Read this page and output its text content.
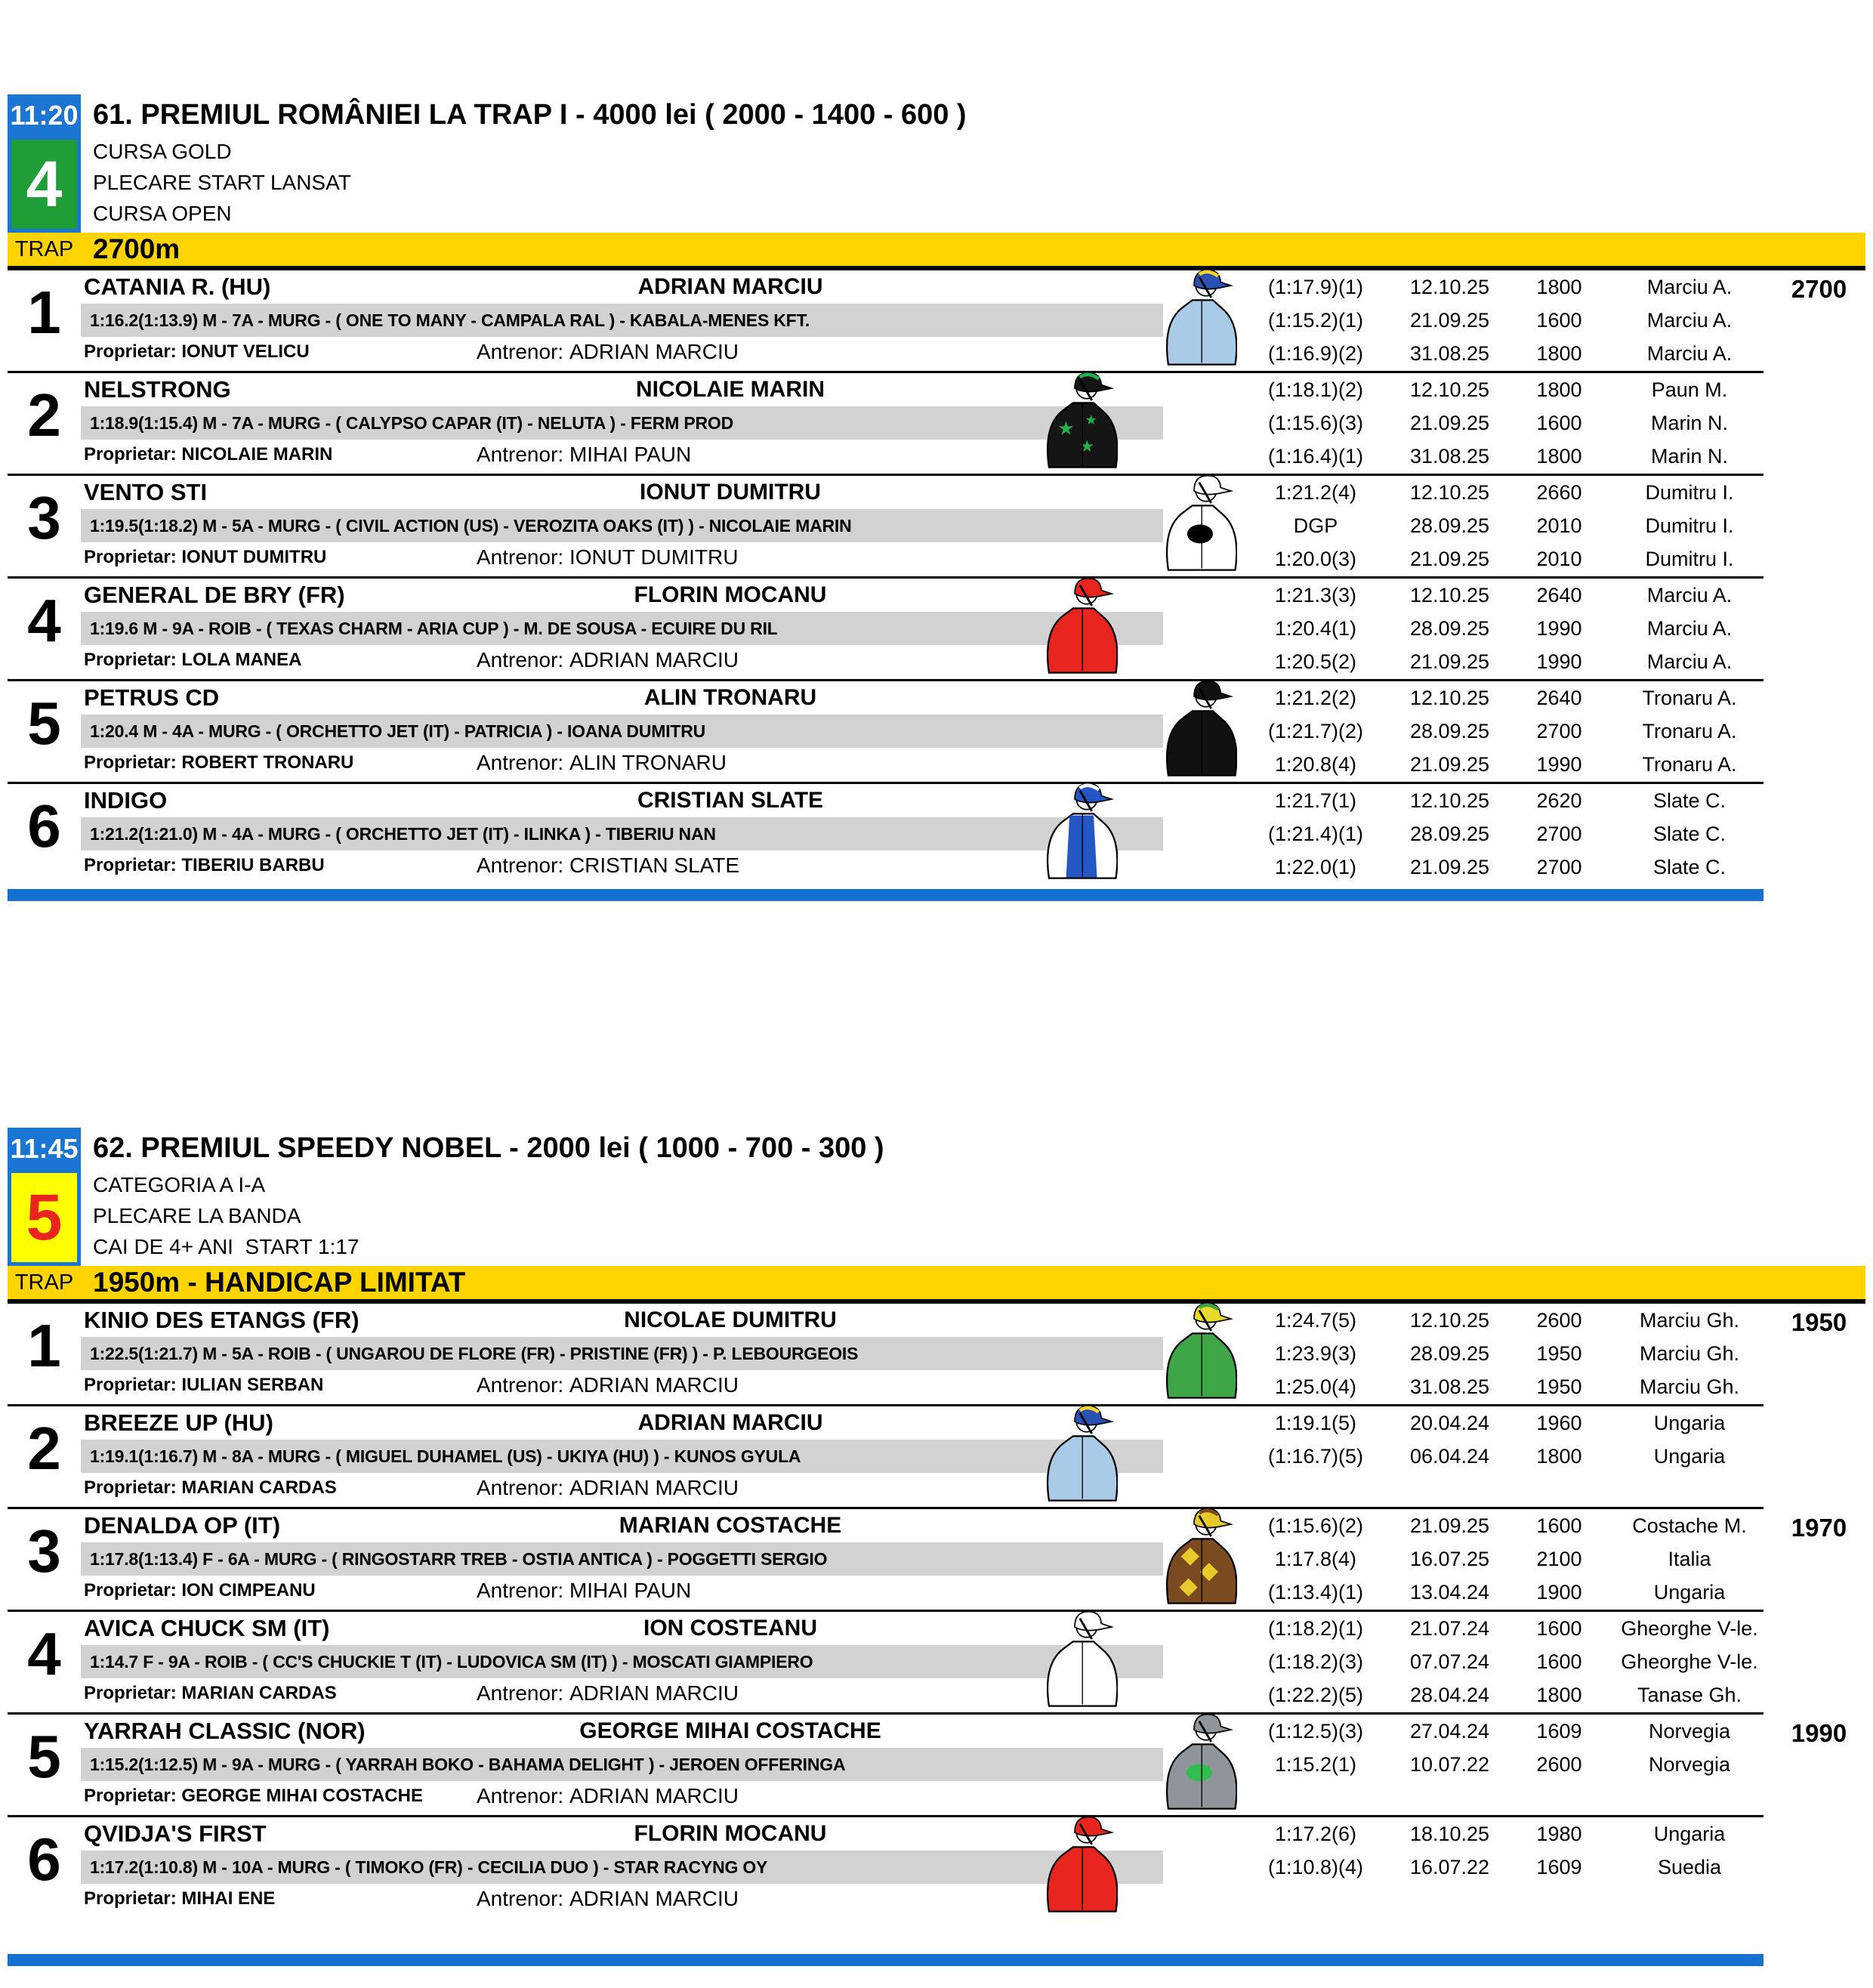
11:20
4
61. PREMIUL ROMÂNIEI LA TRAP I - 4000 lei ( 2000 - 1400 - 600 )
CURSA GOLD
PLECARE START LANSAT
CURSA OPEN
TRAP 2700m
1 CATANIA R. (HU)	ADRIAN MARCIU
1:16.2(1:13.9) M - 7A - MURG - ( ONE TO MANY - CAMPALA RAL ) - KABALA-MENES KFT.
Proprietar: IONUT VELICU	Antrenor: ADRIAN MARCIU
(1:17.9)(1)	12.10.25	1800	Marciu A.
(1:15.2)(1)	21.09.25	1600	Marciu A.
(1:16.9)(2)	31.08.25	1800	Marciu A.
2700
2 NELSTRONG	NICOLAIE MARIN
1:18.9(1:15.4) M - 7A - MURG - ( CALYPSO CAPAR (IT) - NELUTA ) - FERM PROD
Proprietar: NICOLAIE MARIN	Antrenor: MIHAI PAUN
★
★
★
(1:18.1)(2)	12.10.25	1800	Paun M.
(1:15.6)(3)	21.09.25	1600	Marin N.
(1:16.4)(1)	31.08.25	1800	Marin N.
3 VENTO STI	IONUT DUMITRU
1:19.5(1:18.2) M - 5A - MURG - ( CIVIL ACTION (US) - VEROZITA OAKS (IT) ) - NICOLAIE MARIN
Proprietar: IONUT DUMITRU	Antrenor: IONUT DUMITRU
1:21.2(4)	12.10.25	2660	Dumitru I.
DGP	28.09.25	2010	Dumitru I.
1:20.0(3)	21.09.25	2010	Dumitru I.
4 GENERAL DE BRY (FR)	FLORIN MOCANU
1:19.6 M - 9A - ROIB - ( TEXAS CHARM - ARIA CUP ) - M. DE SOUSA - ECUIRE DU RIL
Proprietar: LOLA MANEA	Antrenor: ADRIAN MARCIU
1:21.3(3)	12.10.25	2640	Marciu A.
1:20.4(1)	28.09.25	1990	Marciu A.
1:20.5(2)	21.09.25	1990	Marciu A.
5 PETRUS CD	ALIN TRONARU
1:20.4 M - 4A - MURG - ( ORCHETTO JET (IT) - PATRICIA ) - IOANA DUMITRU
Proprietar: ROBERT TRONARU	Antrenor: ALIN TRONARU
1:21.2(2)	12.10.25	2640	Tronaru A.
(1:21.7)(2)	28.09.25	2700	Tronaru A.
1:20.8(4)	21.09.25	1990	Tronaru A.
6 INDIGO	CRISTIAN SLATE
1:21.2(1:21.0) M - 4A - MURG - ( ORCHETTO JET (IT) - ILINKA ) - TIBERIU NAN
Proprietar: TIBERIU BARBU	Antrenor: CRISTIAN SLATE
1:21.7(1)	12.10.25	2620	Slate C.
(1:21.4)(1)	28.09.25	2700	Slate C.
1:22.0(1)	21.09.25	2700	Slate C.
11:45
5
62. PREMIUL SPEEDY NOBEL - 2000 lei ( 1000 - 700 - 300 )
CATEGORIA A I-A
PLECARE LA BANDA
CAI DE 4+ ANI  START 1:17
TRAP 1950m - HANDICAP LIMITAT
1 KINIO DES ETANGS (FR)	NICOLAE DUMITRU
1:22.5(1:21.7) M - 5A - ROIB - ( UNGAROU DE FLORE (FR) - PRISTINE (FR) ) - P. LEBOURGEOIS
Proprietar: IULIAN SERBAN	Antrenor: ADRIAN MARCIU
1:24.7(5)	12.10.25	2600	Marciu Gh.
1:23.9(3)	28.09.25	1950	Marciu Gh.
1:25.0(4)	31.08.25	1950	Marciu Gh.
1950
2 BREEZE UP (HU)	ADRIAN MARCIU
1:19.1(1:16.7) M - 8A - MURG - ( MIGUEL DUHAMEL (US) - UKIYA (HU) ) - KUNOS GYULA
Proprietar: MARIAN CARDAS	Antrenor: ADRIAN MARCIU
1:19.1(5)	20.04.24	1960	Ungaria
(1:16.7)(5)	06.04.24	1800	Ungaria
3 DENALDA OP (IT)	MARIAN COSTACHE
1:17.8(1:13.4) F - 6A - MURG - ( RINGOSTARR TREB - OSTIA ANTICA ) - POGGETTI SERGIO
Proprietar: ION CIMPEANU	Antrenor: MIHAI PAUN
(1:15.6)(2)	21.09.25	1600	Costache M.
1:17.8(4)	16.07.25	2100	Italia
(1:13.4)(1)	13.04.24	1900	Ungaria
1970
4 AVICA CHUCK SM (IT)	ION COSTEANU
1:14.7 F - 9A - ROIB - ( CC'S CHUCKIE T (IT) - LUDOVICA SM (IT) ) - MOSCATI GIAMPIERO
Proprietar: MARIAN CARDAS	Antrenor: ADRIAN MARCIU
(1:18.2)(1)	21.07.24	1600	Gheorghe V-le.
(1:18.2)(3)	07.07.24	1600	Gheorghe V-le.
(1:22.2)(5)	28.04.24	1800	Tanase Gh.
5 YARRAH CLASSIC (NOR)	GEORGE MIHAI COSTACHE
1:15.2(1:12.5) M - 9A - MURG - ( YARRAH BOKO - BAHAMA DELIGHT ) - JEROEN OFFERINGA
Proprietar: GEORGE MIHAI COSTACHE	Antrenor: ADRIAN MARCIU
(1:12.5)(3)	27.04.24	1609	Norvegia
1:15.2(1)	10.07.22	2600	Norvegia
1990
6 QVIDJA'S FIRST	FLORIN MOCANU
1:17.2(1:10.8) M - 10A - MURG - ( TIMOKO (FR) - CECILIA DUO ) - STAR RACYNG OY
Proprietar: MIHAI ENE	Antrenor: ADRIAN MARCIU
1:17.2(6)	18.10.25	1980	Ungaria
(1:10.8)(4)	16.07.22	1609	Suedia
